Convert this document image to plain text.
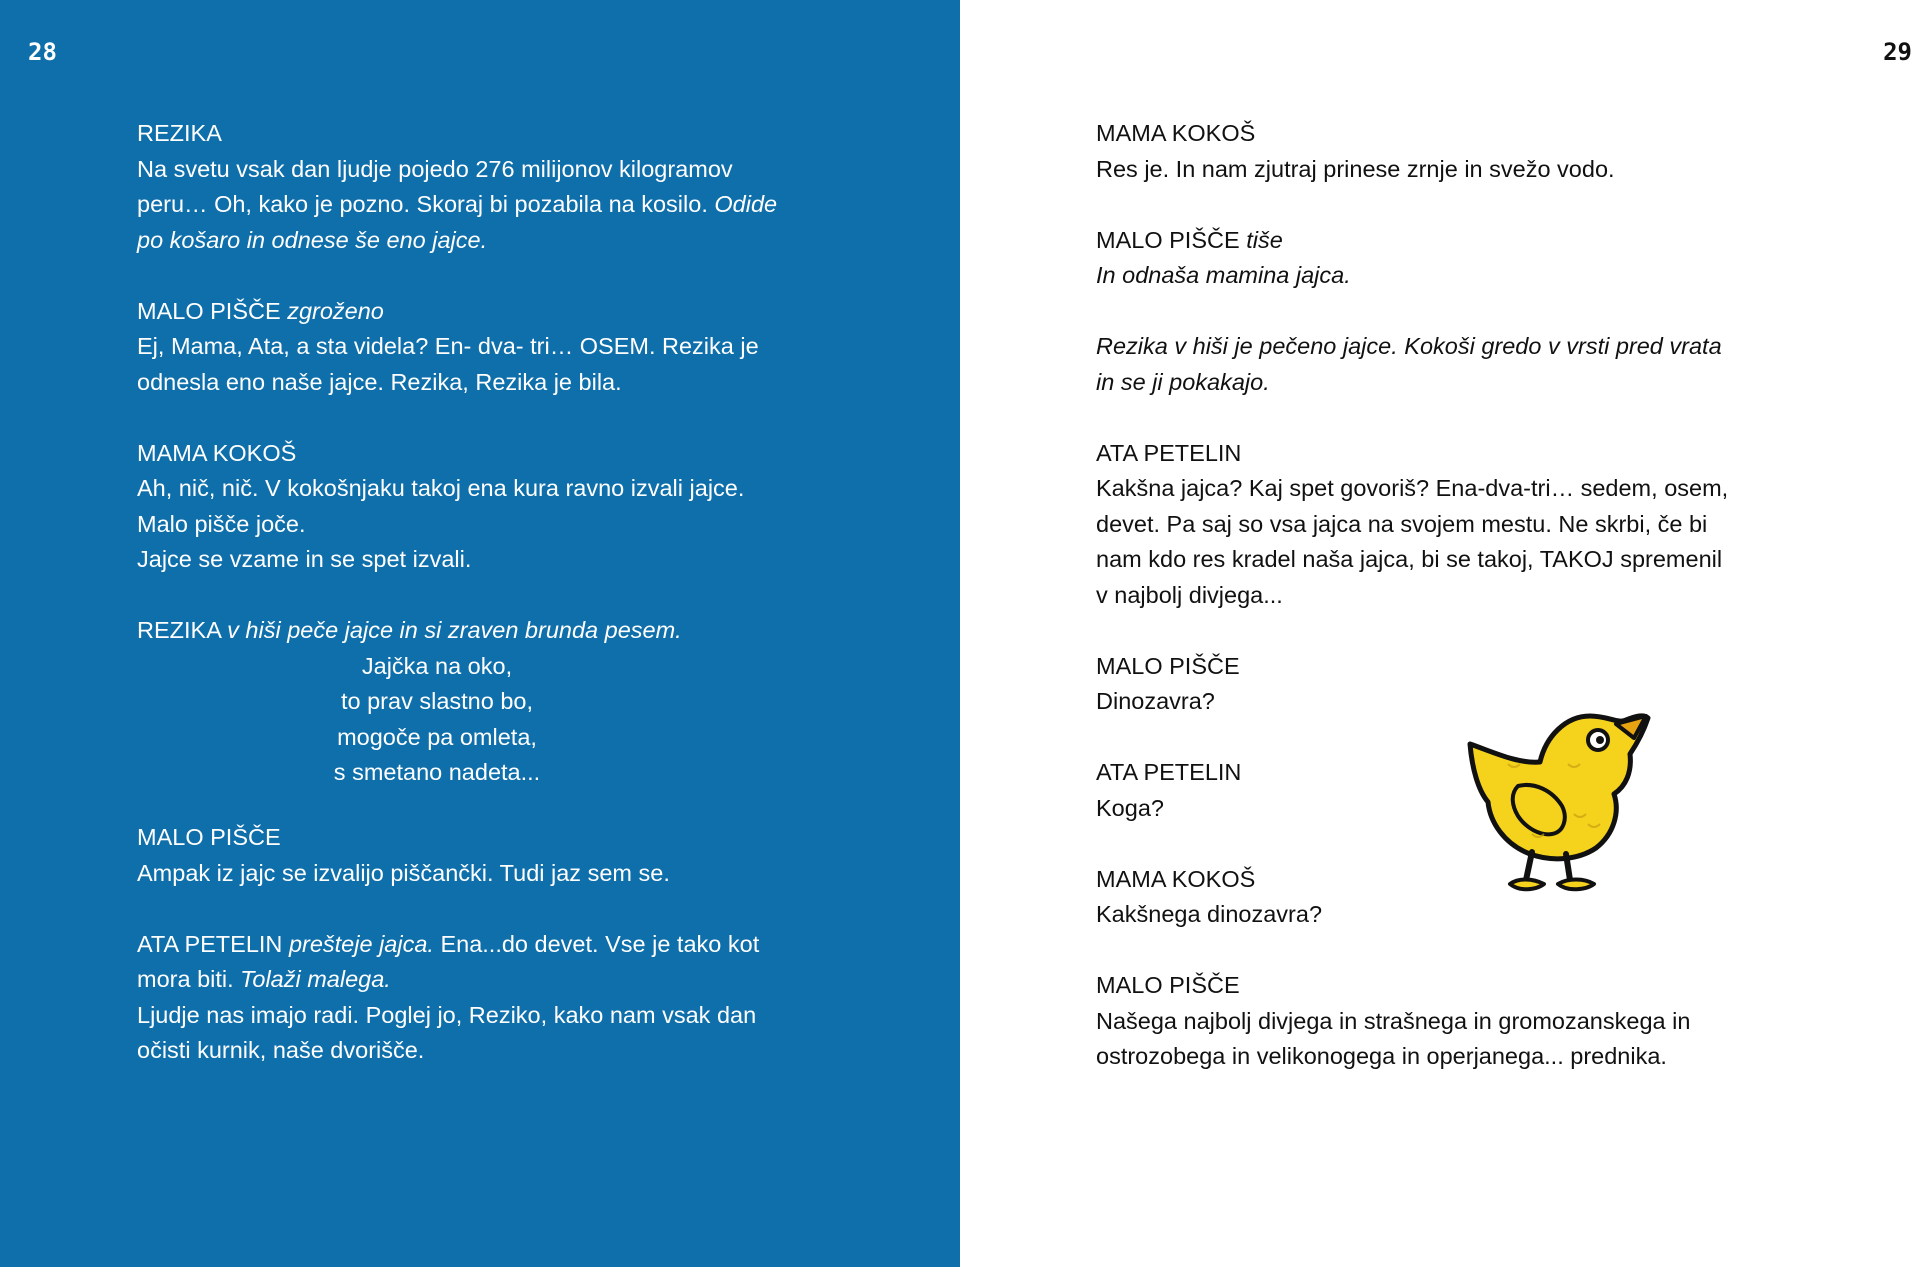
28
REZIKA
Na svetu vsak dan ljudje pojedo 276 milijonov kilogramov
peru… Oh, kako je pozno. Skoraj bi pozabila na kosilo. Odide
po košaro in odnese še eno jajce.
MALO PIŠČE zgroženo
Ej, Mama, Ata, a sta videla? En- dva- tri… OSEM. Rezika je
odnesla eno naše jajce. Rezika, Rezika je bila.
MAMA KOKOŠ
Ah, nič, nič. V kokošnjaku takoj ena kura ravno izvali jajce.
Malo pišče joče.
Jajce se vzame in se spet izvali.
REZIKA v hiši peče jajce in si zraven brunda pesem.
Jajčka na oko,
to prav slastno bo,
mogoče pa omleta,
s smetano nadeta...
MALO PIŠČE
Ampak iz jajc se izvalijo piščančki. Tudi jaz sem se.
ATA PETELIN prešteje jajca. Ena...do devet. Vse je tako kot
mora biti. Tolaži malega.
Ljudje nas imajo radi. Poglej jo, Reziko, kako nam vsak dan
očisti kurnik, naše dvorišče.
29
MAMA KOKOŠ
Res je. In nam zjutraj prinese zrnje in svežo vodo.
MALO PIŠČE tiše
In odnaša mamina jajca.
Rezika v hiši je pečeno jajce. Kokoši gredo v vrsti pred vrata
in se ji pokakajo.
ATA PETELIN
Kakšna jajca? Kaj spet govoriš? Ena-dva-tri… sedem, osem,
devet. Pa saj so vsa jajca na svojem mestu. Ne skrbi, če bi
nam kdo res kradel naša jajca, bi se takoj, TAKOJ spremenil
v najbolj divjega...
MALO PIŠČE
Dinozavra?
ATA PETELIN
Koga?
MAMA KOKOŠ
Kakšnega dinozavra?
MALO PIŠČE
Našega najbolj divjega in strašnega in gromozanskega in
ostrozobega in velikonogega in operjanega... prednika.
